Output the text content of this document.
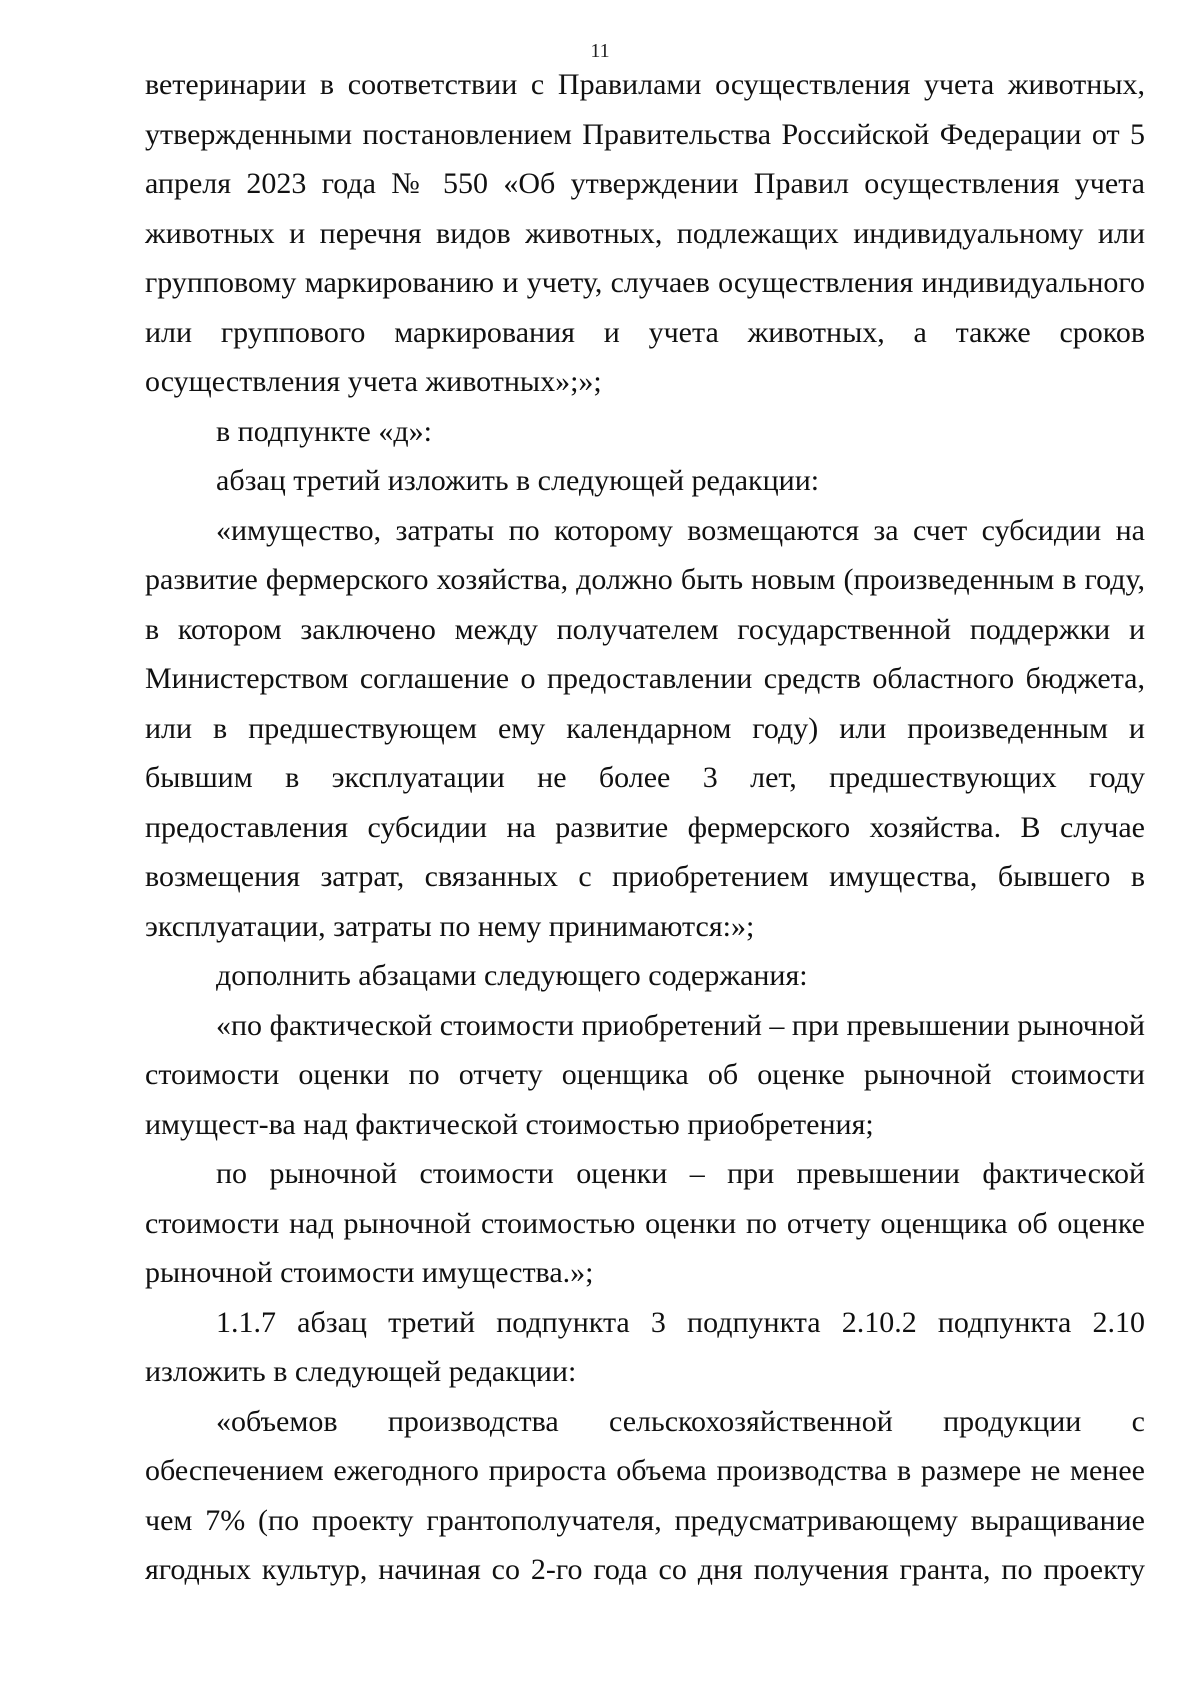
11

ветеринарии в соответствии с Правилами осуществления учета животных, утвержденными постановлением Правительства Российской Федерации от 5 апреля 2023 года № 550 «Об утверждении Правил осуществления учета животных и перечня видов животных, подлежащих индивидуальному или групповому маркированию и учету, случаев осуществления индивидуального или группового маркирования и учета животных, а также сроков осуществления учета животных»;»;

в подпункте «д»:

абзац третий изложить в следующей редакции:

«имущество, затраты по которому возмещаются за счет субсидии на развитие фермерского хозяйства, должно быть новым (произведенным в году, в котором заключено между получателем государственной поддержки и Министерством соглашение о предоставлении средств областного бюджета, или в предшествующем ему календарном году) или произведенным и бывшим в эксплуатации не более 3 лет, предшествующих году предоставления субсидии на развитие фермерского хозяйства. В случае возмещения затрат, связанных с приобретением имущества, бывшего в эксплуатации, затраты по нему принимаются:»;

дополнить абзацами следующего содержания:

«по фактической стоимости приобретений – при превышении рыночной стоимости оценки по отчету оценщика об оценке рыночной стоимости имущест-ва над фактической стоимостью приобретения;

по рыночной стоимости оценки – при превышении фактической стоимости над рыночной стоимостью оценки по отчету оценщика об оценке рыночной стоимости имущества.»;

1.1.7 абзац третий подпункта 3 подпункта 2.10.2 подпункта 2.10 изложить в следующей редакции:

«объемов производства сельскохозяйственной продукции с обеспечением ежегодного прироста объема производства в размере не менее чем 7% (по проекту грантополучателя, предусматривающему выращивание ягодных культур, начиная со 2-го года со дня получения гранта, по проекту
